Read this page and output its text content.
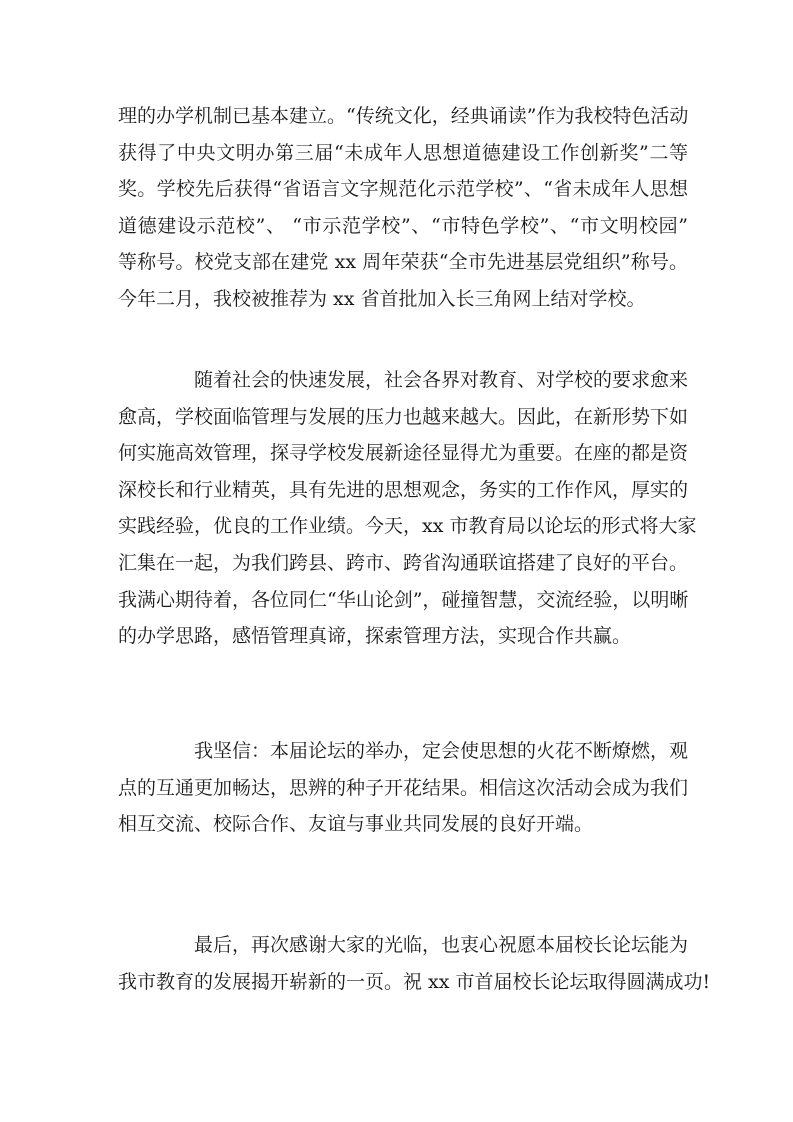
理的办学机制已基本建立。“传统文化，经典诵读”作为我校特色活动
获得了中央文明办第三届“未成年人思想道德建设工作创新奖”二等
奖。学校先后获得“省语言文字规范化示范学校”、“省未成年人思想
道德建设示范校”、 “市示范学校”、“市特色学校”、“市文明校园”
等称号。校党支部在建党 xx 周年荣获“全市先进基层党组织”称号。
今年二月，我校被推荐为 xx 省首批加入长三角网上结对学校。
随着社会的快速发展，社会各界对教育、对学校的要求愈来
愈高，学校面临管理与发展的压力也越来越大。因此，在新形势下如
何实施高效管理，探寻学校发展新途径显得尤为重要。在座的都是资
深校长和行业精英，具有先进的思想观念，务实的工作作风，厚实的
实践经验，优良的工作业绩。今天，xx 市教育局以论坛的形式将大家
汇集在一起，为我们跨县、跨市、跨省沟通联谊搭建了良好的平台。
我满心期待着，各位同仁“华山论剑”，碰撞智慧，交流经验，以明晰
的办学思路，感悟管理真谛，探索管理方法，实现合作共赢。
我坚信：本届论坛的举办，定会使思想的火花不断燎燃，观
点的互通更加畅达，思辨的种子开花结果。相信这次活动会成为我们
相互交流、校际合作、友谊与事业共同发展的良好开端。
最后，再次感谢大家的光临，也衷心祝愿本届校长论坛能为
我市教育的发展揭开崭新的一页。祝 xx 市首届校长论坛取得圆满成功!
